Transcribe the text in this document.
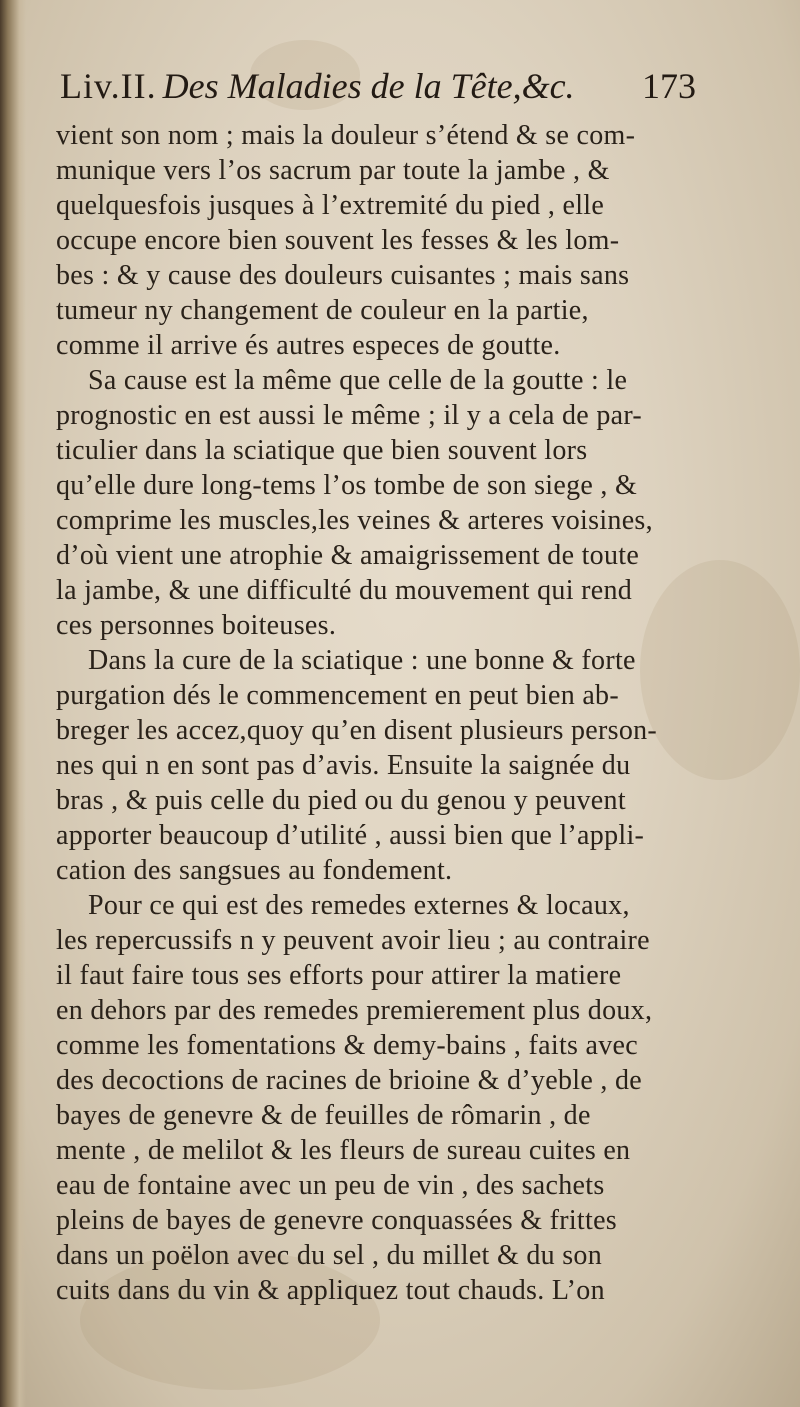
Liv.II. Des Maladies de la Tête,&c. 173
vient son nom ; mais la douleur s’étend & se com-
munique vers l’os sacrum par toute la jambe , &
quelquesfois jusques à l’extremité du pied , elle
occupe encore bien souvent les fesses & les lom-
bes : & y cause des douleurs cuisantes ; mais sans
tumeur ny changement de couleur en la partie,
comme il arrive és autres especes de goutte.
Sa cause est la même que celle de la goutte : le
prognostic en est aussi le même ; il y a cela de par-
ticulier dans la sciatique que bien souvent lors
qu’elle dure long-tems l’os tombe de son siege , &
comprime les muscles,les veines & arteres voisines,
d’où vient une atrophie & amaigrissement de toute
la jambe, & une difficulté du mouvement qui rend
ces personnes boiteuses.
Dans la cure de la sciatique : une bonne & forte
purgation dés le commencement en peut bien ab-
breger les accez,quoy qu’en disent plusieurs person-
nes qui n en sont pas d’avis. Ensuite la saignée du
bras , & puis celle du pied ou du genou y peuvent
apporter beaucoup d’utilité , aussi bien que l’appli-
cation des sangsues au fondement.
Pour ce qui est des remedes externes & locaux,
les repercussifs n y peuvent avoir lieu ; au contraire
il faut faire tous ses efforts pour attirer la matiere
en dehors par des remedes premierement plus doux,
comme les fomentations & demy-bains , faits avec
des decoctions de racines de brioine & d’yeble , de
bayes de genevre & de feuilles de rômarin , de
mente , de melilot & les fleurs de sureau cuites en
eau de fontaine avec un peu de vin , des sachets
pleins de bayes de genevre conquassées & frittes
dans un poëlon avec du sel , du millet & du son
cuits dans du vin & appliquez tout chauds. L’on
